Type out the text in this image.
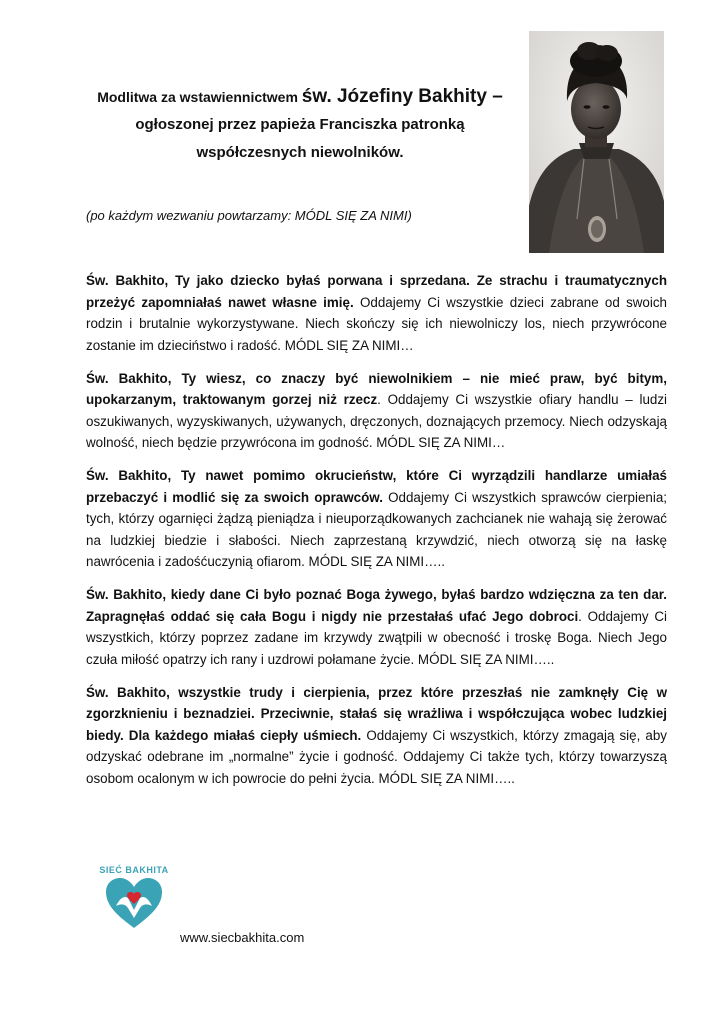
Modlitwa za wstawiennictwem św. Józefiny Bakhity –
ogłoszonej przez papieża Franciszka patronką
współczesnych niewolników.
(po każdym wezwaniu powtarzamy: MÓDL SIĘ ZA NIMI)

Św. Bakhito, Ty jako dziecko byłaś porwana i sprzedana. Ze strachu i traumatycznych przeżyć zapomniałaś nawet własne imię. Oddajemy Ci wszystkie dzieci zabrane od swoich rodzin i brutalnie wykorzystywane. Niech skończy się ich niewolniczy los, niech przywrócone zostanie im dzieciństwo i radość. MÓDL SIĘ ZA NIMI…

Św. Bakhito, Ty wiesz, co znaczy być niewolnikiem – nie mieć praw, być bitym, upokarzanym, traktowanym gorzej niż rzecz. Oddajemy Ci wszystkie ofiary handlu – ludzi oszukiwanych, wyzyskiwanych, używanych, dręczonych, doznających przemocy. Niech odzyskają wolność, niech będzie przywrócona im godność. MÓDL SIĘ ZA NIMI…

Św. Bakhito, Ty nawet pomimo okrucieństw, które Ci wyrządzili handlarze umiałaś przebaczyć i modlić się za swoich oprawców. Oddajemy Ci wszystkich sprawców cierpienia; tych, którzy ogarnięci żądzą pieniądza i nieuporządkowanych zachcianek nie wahają się żerować na ludzkiej biedzie i słabości. Niech zaprzestaną krzywdzić, niech otworzą się na łaskę nawrócenia i zadośćuczynią ofiarom. MÓDL SIĘ ZA NIMI…..

Św. Bakhito, kiedy dane Ci było poznać Boga żywego, byłaś bardzo wdzięczna za ten dar. Zapragnęłaś oddać się cała Bogu i nigdy nie przestałaś ufać Jego dobroci. Oddajemy Ci wszystkich, którzy poprzez zadane im krzywdy zwątpili w obecność i troskę Boga. Niech Jego czuła miłość opatrzy ich rany i uzdrowi połamane życie. MÓDL SIĘ ZA NIMI…..

Św. Bakhito, wszystkie trudy i cierpienia, przez które przeszłaś nie zamknęły Cię w zgorzknieniu i beznadziei. Przeciwnie, stałaś się wrażliwa i współczująca wobec ludzkiej biedy. Dla każdego miałaś ciepły uśmiech. Oddajemy Ci wszystkich, którzy zmagają się, aby odzyskać odebrane im „normalne” życie i godność. Oddajemy Ci także tych, którzy towarzyszą osobom ocalonym w ich powrocie do pełni życia. MÓDL SIĘ ZA NIMI…..

SIEĆ BAKHITA
www.siecbakhita.com
